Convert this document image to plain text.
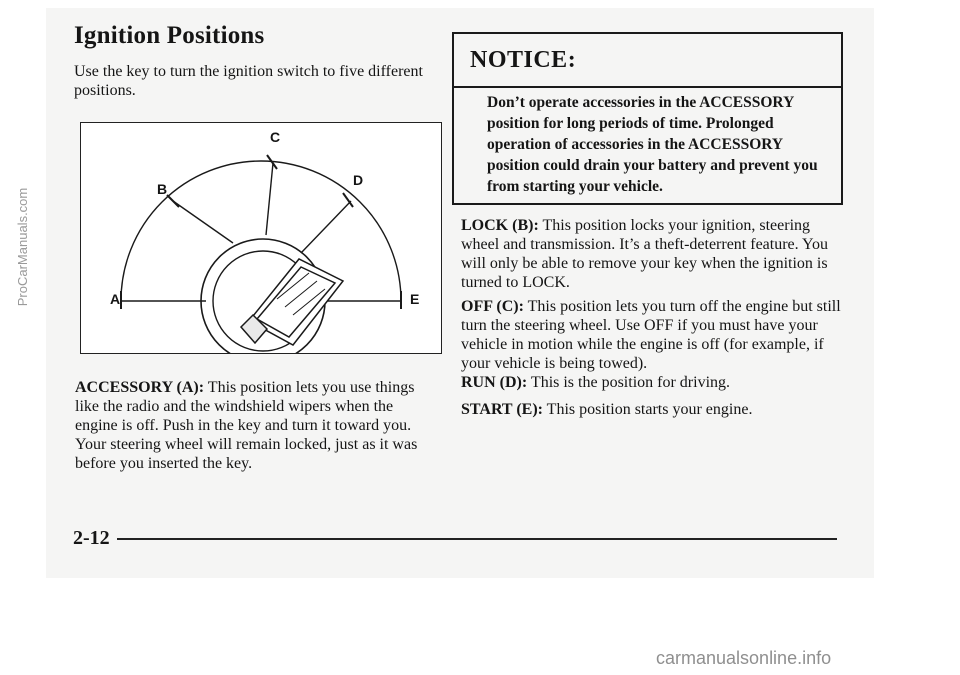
Ignition Positions

Use the key to turn the ignition switch to five different positions.

A
B
C
D
E

ACCESSORY (A): This position lets you use things like the radio and the windshield wipers when the engine is off. Push in the key and turn it toward you. Your steering wheel will remain locked, just as it was before you inserted the key.

NOTICE:

Don’t operate accessories in the ACCESSORY position for long periods of time. Prolonged operation of accessories in the ACCESSORY position could drain your battery and prevent you from starting your vehicle.

LOCK (B): This position locks your ignition, steering wheel and transmission. It’s a theft-deterrent feature. You will only be able to remove your key when the ignition is turned to LOCK.

OFF (C): This position lets you turn off the engine but still turn the steering wheel. Use OFF if you must have your vehicle in motion while the engine is off (for example, if your vehicle is being towed).

RUN (D): This is the position for driving.

START (E): This position starts your engine.

2-12
ProCarManuals.com
carmanualsonline.info
